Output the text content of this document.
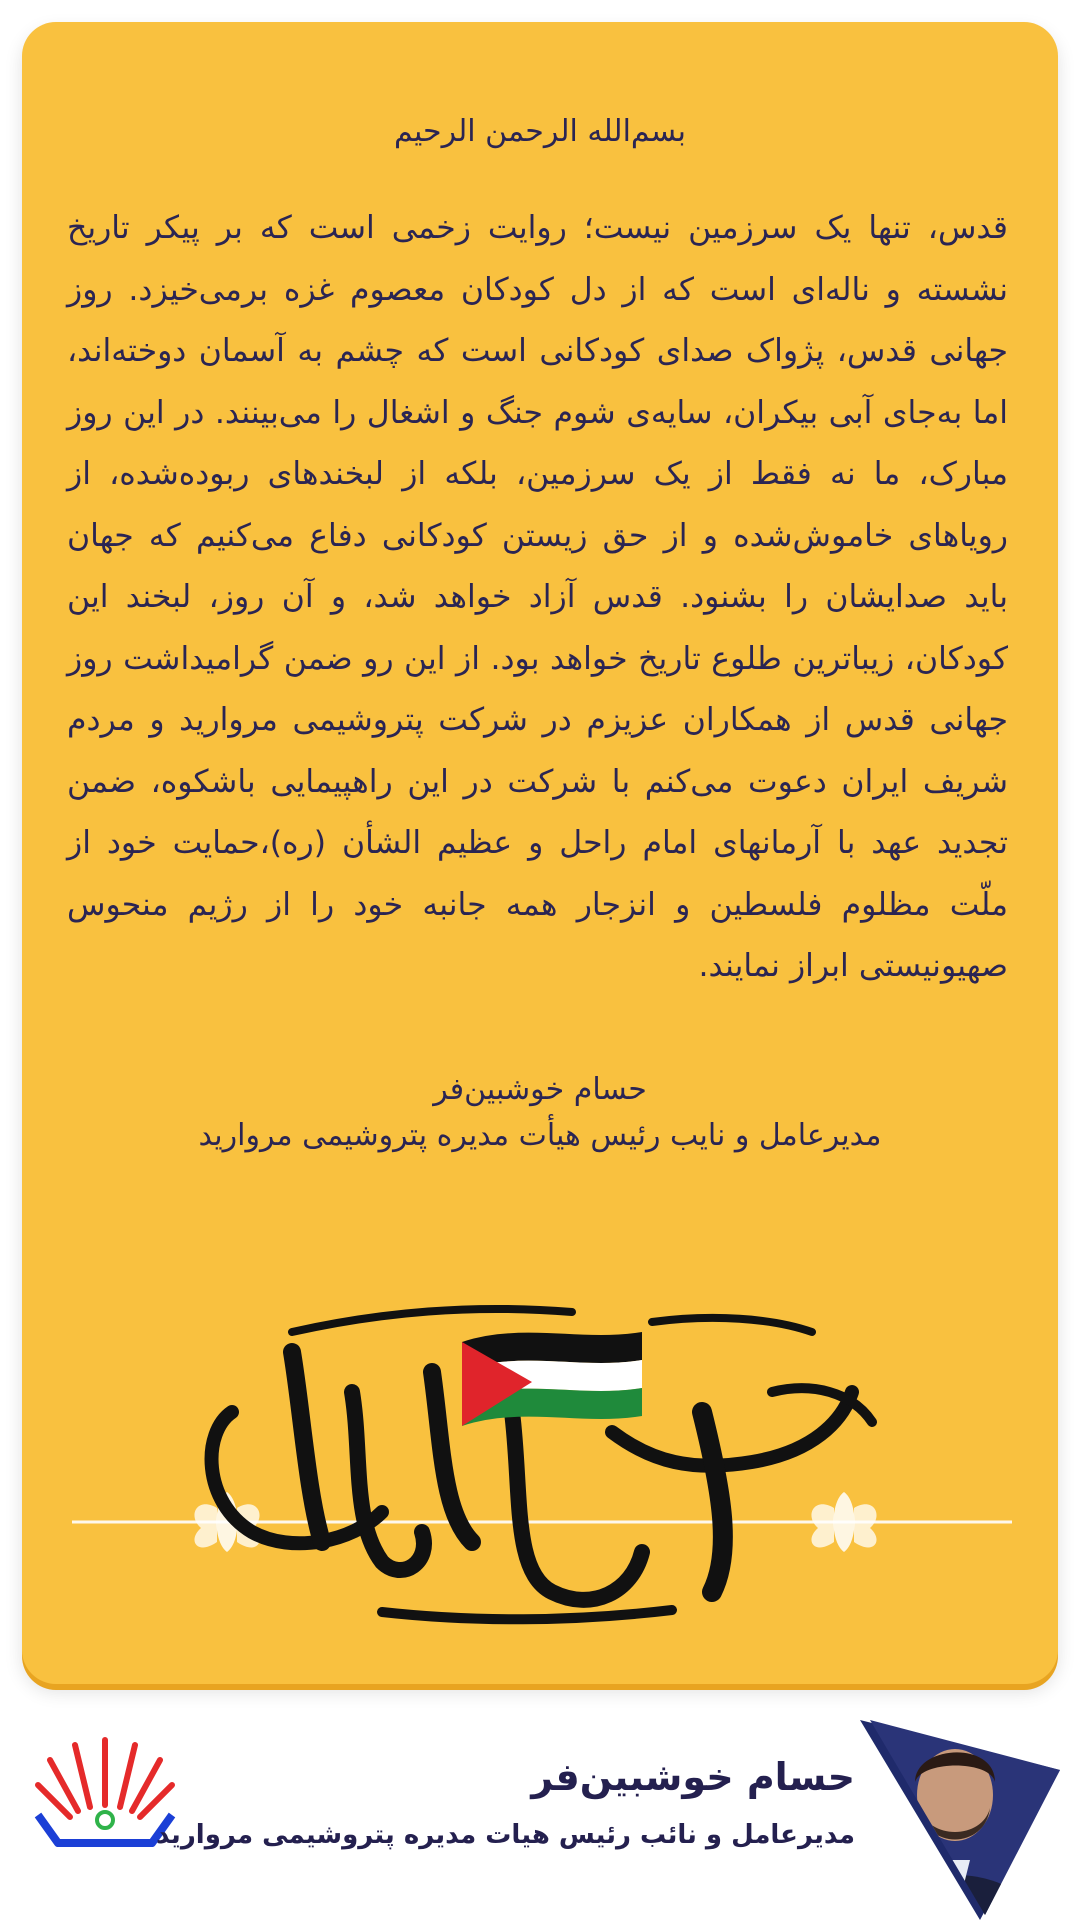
بسم‌الله الرحمن الرحیم

قدس، تنها یک سرزمین نیست؛ روایت زخمی است که بر پیکر تاریخ نشسته و ناله‌ای است که از دل کودکان معصوم غزه برمی‌خیزد. روز جهانی قدس، پژواک صدای کودکانی است که چشم به آسمان دوخته‌اند، اما به‌جای آبی بیکران، سایه‌ی شوم جنگ و اشغال را می‌بینند. در این روز مبارک، ما نه فقط از یک سرزمین، بلکه از لبخندهای ربوده‌شده، از رویاهای خاموش‌شده و از حق زیستن کودکانی دفاع می‌کنیم که جهان باید صدایشان را بشنود. قدس آزاد خواهد شد، و آن روز، لبخند این کودکان، زیباترین طلوع تاریخ خواهد بود. از این رو ضمن گرامیداشت روز جهانی قدس از همکاران عزیزم در شرکت پتروشیمی مروارید و مردم شریف ایران دعوت می‌کنم با شرکت در این راهپیمایی باشکوه، ضمن تجدید عهد با آرمانهای امام راحل و عظیم الشأن (ره)،حمایت خود از ملّت مظلوم فلسطین و انزجار همه جانبه خود را از رژیم منحوس صهیونیستی ابراز نمایند.

حسام خوشبین‌فر
مدیرعامل و نایب رئیس هیأت مدیره پتروشیمی مروارید
حسام خوشبین‌فر
مدیرعامل و نائب رئیس هیات مدیره پتروشیمی مروارید
